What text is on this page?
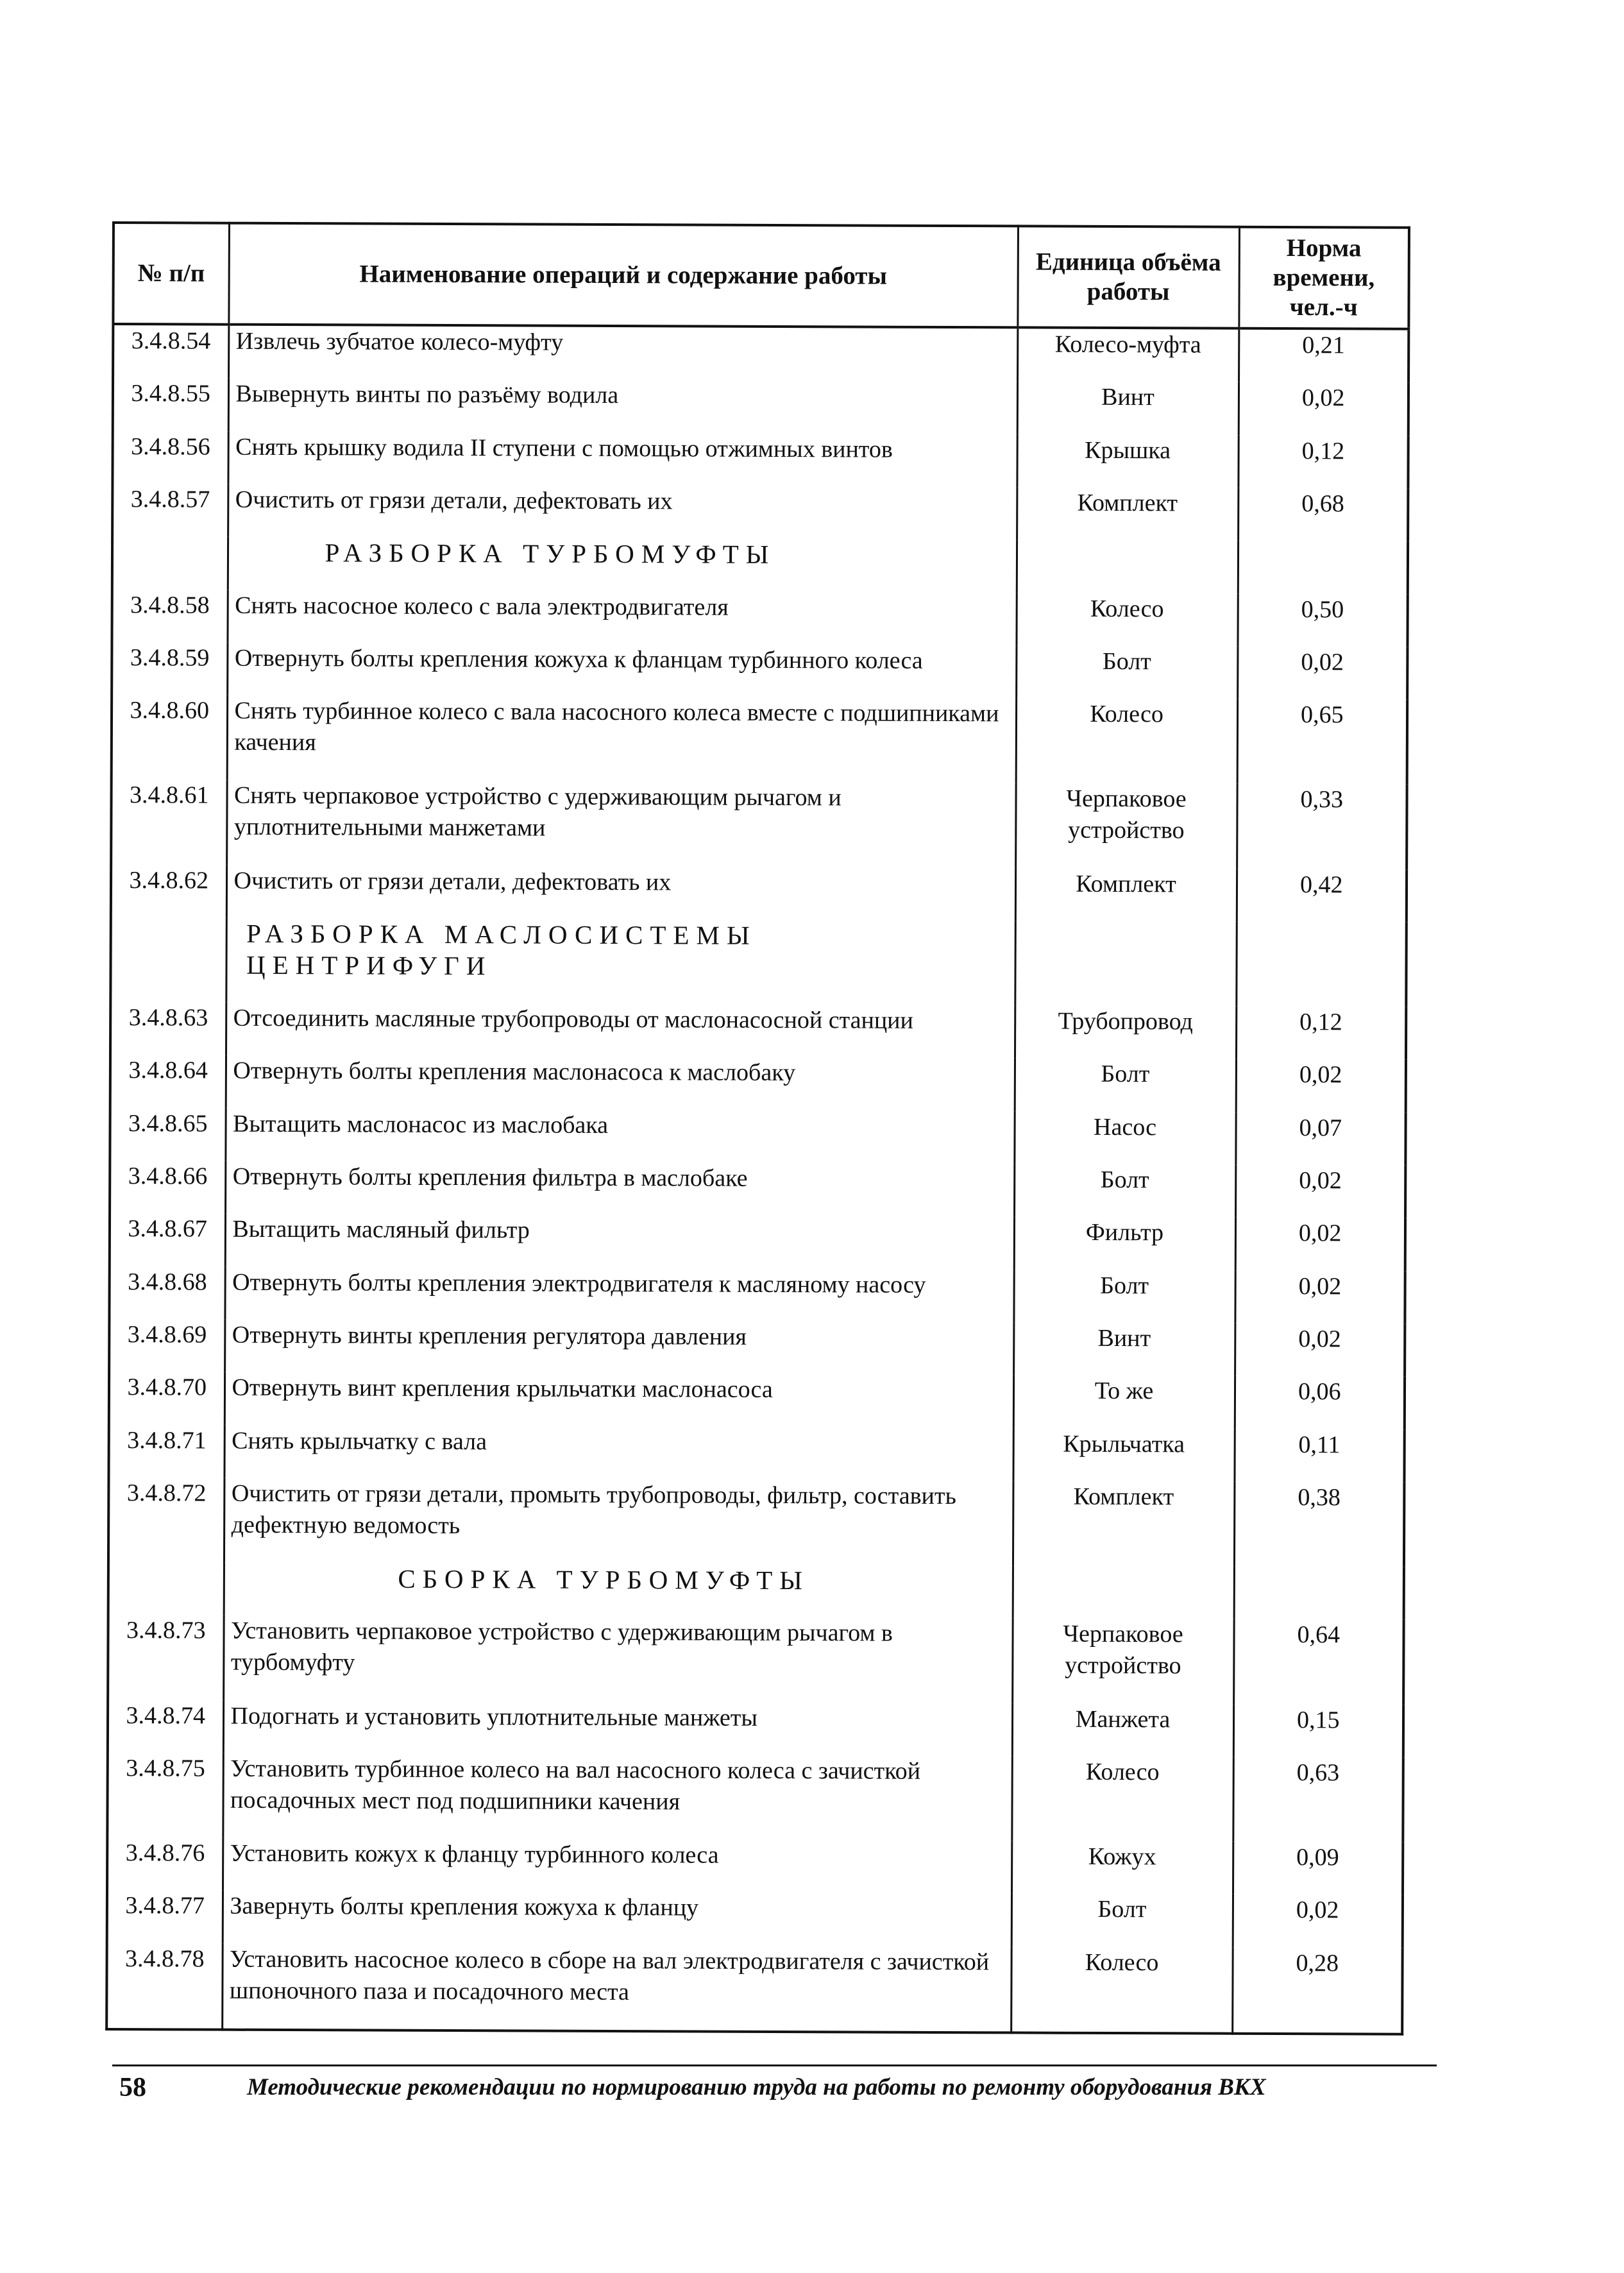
№ п/п	Наименование операций и содержание работы	Единица объёма работы	Норма времени, чел.-ч
3.4.8.54	Извлечь зубчатое колесо-муфту	Колесо-муфта	0,21
3.4.8.55	Вывернуть винты по разъёму водила	Винт	0,02
3.4.8.56	Снять крышку водила II ступени с помощью отжимных винтов	Крышка	0,12
3.4.8.57	Очистить от грязи детали, дефектовать их	Комплект	0,68
	РАЗБОРКА ТУРБОМУФТЫ		
3.4.8.58	Снять насосное колесо с вала электродвигателя	Колесо	0,50
3.4.8.59	Отвернуть болты крепления кожуха к фланцам турбинного колеса	Болт	0,02
3.4.8.60	Снять турбинное колесо с вала насосного колеса вместе с подшипниками качения	Колесо	0,65
3.4.8.61	Снять черпаковое устройство с удерживающим рычагом и уплотнительными манжетами	Черпаковое устройство	0,33
3.4.8.62	Очистить от грязи детали, дефектовать их	Комплект	0,42
	РАЗБОРКА МАСЛОСИСТЕМЫ ЦЕНТРИФУГИ		
3.4.8.63	Отсоединить масляные трубопроводы от маслонасосной станции	Трубопровод	0,12
3.4.8.64	Отвернуть болты крепления маслонасоса к маслобаку	Болт	0,02
3.4.8.65	Вытащить маслонасос из маслобака	Насос	0,07
3.4.8.66	Отвернуть болты крепления фильтра в маслобаке	Болт	0,02
3.4.8.67	Вытащить масляный фильтр	Фильтр	0,02
3.4.8.68	Отвернуть болты крепления электродвигателя к масляному насосу	Болт	0,02
3.4.8.69	Отвернуть винты крепления регулятора давления	Винт	0,02
3.4.8.70	Отвернуть винт крепления крыльчатки маслонасоса	То же	0,06
3.4.8.71	Снять крыльчатку с вала	Крыльчатка	0,11
3.4.8.72	Очистить от грязи детали, промыть трубопроводы, фильтр, составить дефектную ведомость	Комплект	0,38
	СБОРКА ТУРБОМУФТЫ		
3.4.8.73	Установить черпаковое устройство с удерживающим рычагом в турбомуфту	Черпаковое устройство	0,64
3.4.8.74	Подогнать и установить уплотнительные манжеты	Манжета	0,15
3.4.8.75	Установить турбинное колесо на вал насосного колеса с зачисткой посадочных мест под подшипники качения	Колесо	0,63
3.4.8.76	Установить кожух к фланцу турбинного колеса	Кожух	0,09
3.4.8.77	Завернуть болты крепления кожуха к фланцу	Болт	0,02
3.4.8.78	Установить насосное колесо в сборе на вал электродвигателя с зачисткой шпоночного паза и посадочного места	Колесо	0,28

58	Методические рекомендации по нормированию труда на работы по ремонту оборудования ВКХ
